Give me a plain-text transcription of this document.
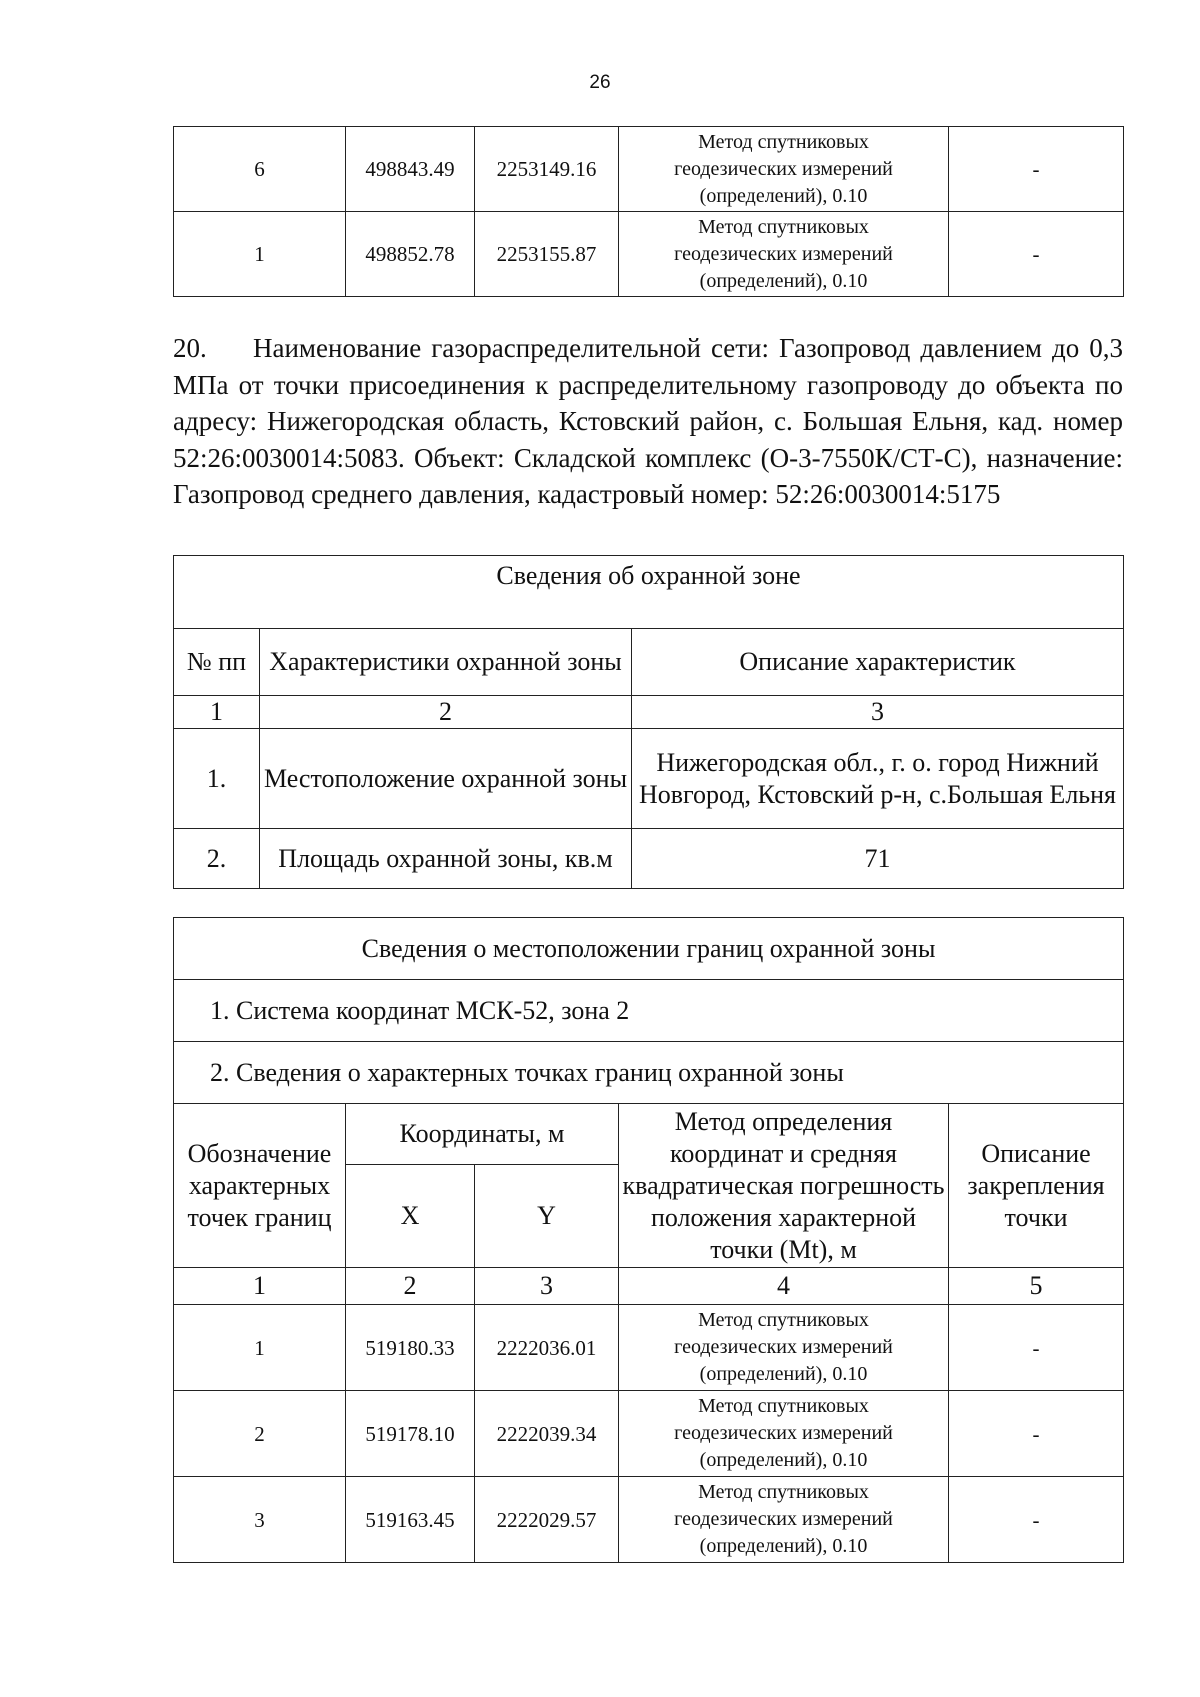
26
6	498843.49	2253149.16	Метод спутниковых
геодезических измерений
(определений), 0.10	-
1	498852.78	2253155.87	Метод спутниковых
геодезических измерений
(определений), 0.10	-

20. Наименование газораспределительной сети: Газопровод давлением до 0,3 МПа от точки присоединения к распределительному газопроводу до объекта по адресу: Нижегородская область, Кстовский район, с. Большая Ельня, кад. номер 52:26:0030014:5083. Объект: Складской комплекс (О-3-7550К/СТ-С), назначение: Газопровод среднего давления, кадастровый номер: 52:26:0030014:5175

Сведения об охранной зоне		
№ пп	Характеристики охранной зоны	Описание характеристик
1	2	3
1.	Местоположение охранной зоны	Нижегородская обл., г. о. город Нижний Новгород, Кстовский р-н, с.Большая Ельня
2.	Площадь охранной зоны, кв.м	71
Сведения о местоположении границ охранной зоны				
1. Система координат МСК-52, зона 2				
2. Сведения о характерных точках границ охранной зоны				
Обозначение характерных точек границ	Координаты, м		Метод определения координат и средняя квадратическая погрешность положения характерной точки (Mt), м	Описание закрепления точки
	X	Y		
1	2	3	4	5
1	519180.33	2222036.01	Метод спутниковых
геодезических измерений
(определений), 0.10	-
2	519178.10	2222039.34	Метод спутниковых
геодезических измерений
(определений), 0.10	-
3	519163.45	2222029.57	Метод спутниковых
геодезических измерений
(определений), 0.10	-
